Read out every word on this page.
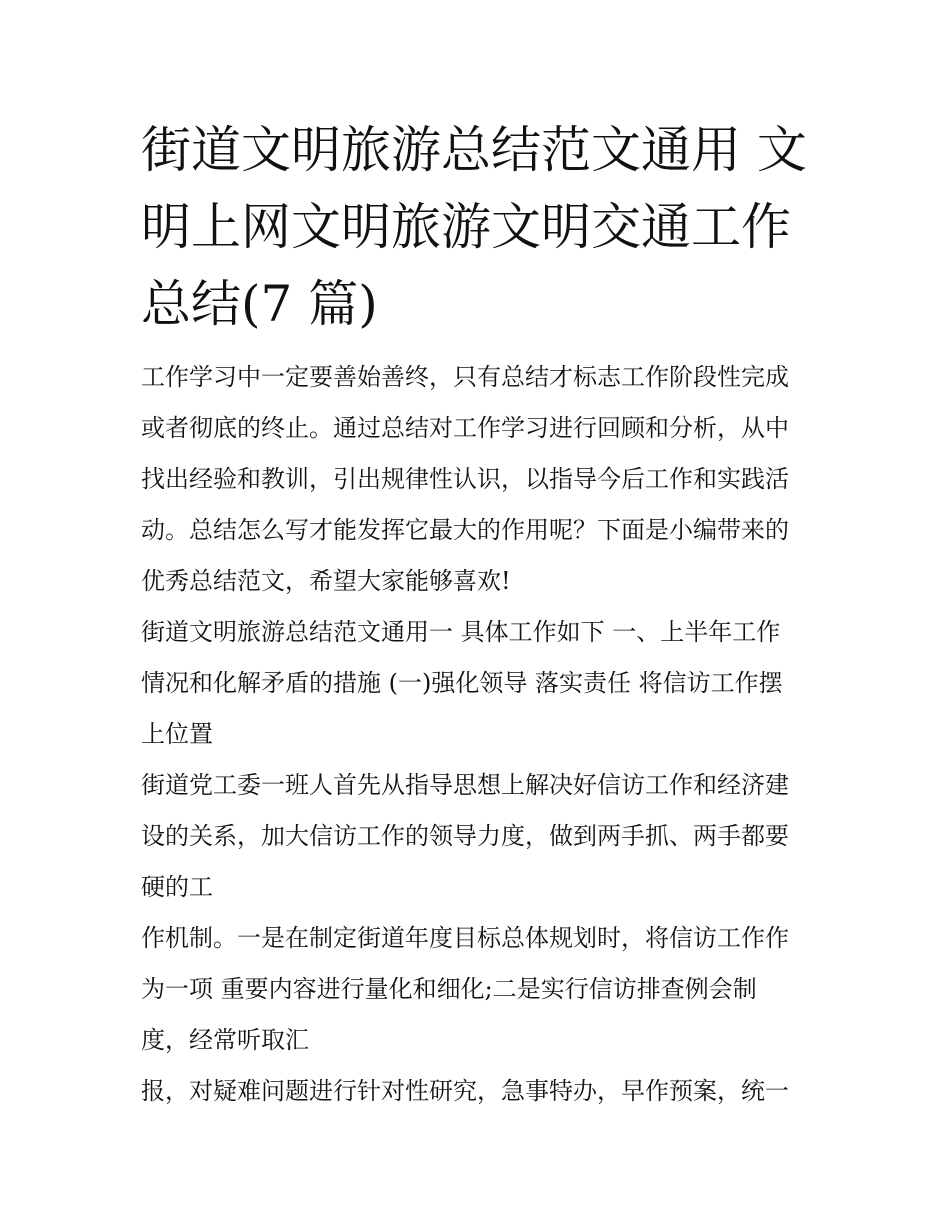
街道文明旅游总结范文通用 文
明上网文明旅游文明交通工作
总结(7 篇)
工作学习中一定要善始善终，只有总结才标志工作阶段性完成
或者彻底的终止。通过总结对工作学习进行回顾和分析，从中
找出经验和教训，引出规律性认识，以指导今后工作和实践活
动。总结怎么写才能发挥它最大的作用呢？下面是小编带来的
优秀总结范文，希望大家能够喜欢!
街道文明旅游总结范文通用一 具体工作如下 一、上半年工作
情况和化解矛盾的措施 (一)强化领导 落实责任 将信访工作摆
上位置
街道党工委一班人首先从指导思想上解决好信访工作和经济建
设的关系，加大信访工作的领导力度，做到两手抓、两手都要
硬的工
作机制。一是在制定街道年度目标总体规划时，将信访工作作
为一项 重要内容进行量化和细化;二是实行信访排查例会制
度，经常听取汇
报，对疑难问题进行针对性研究，急事特办，早作预案，统一
